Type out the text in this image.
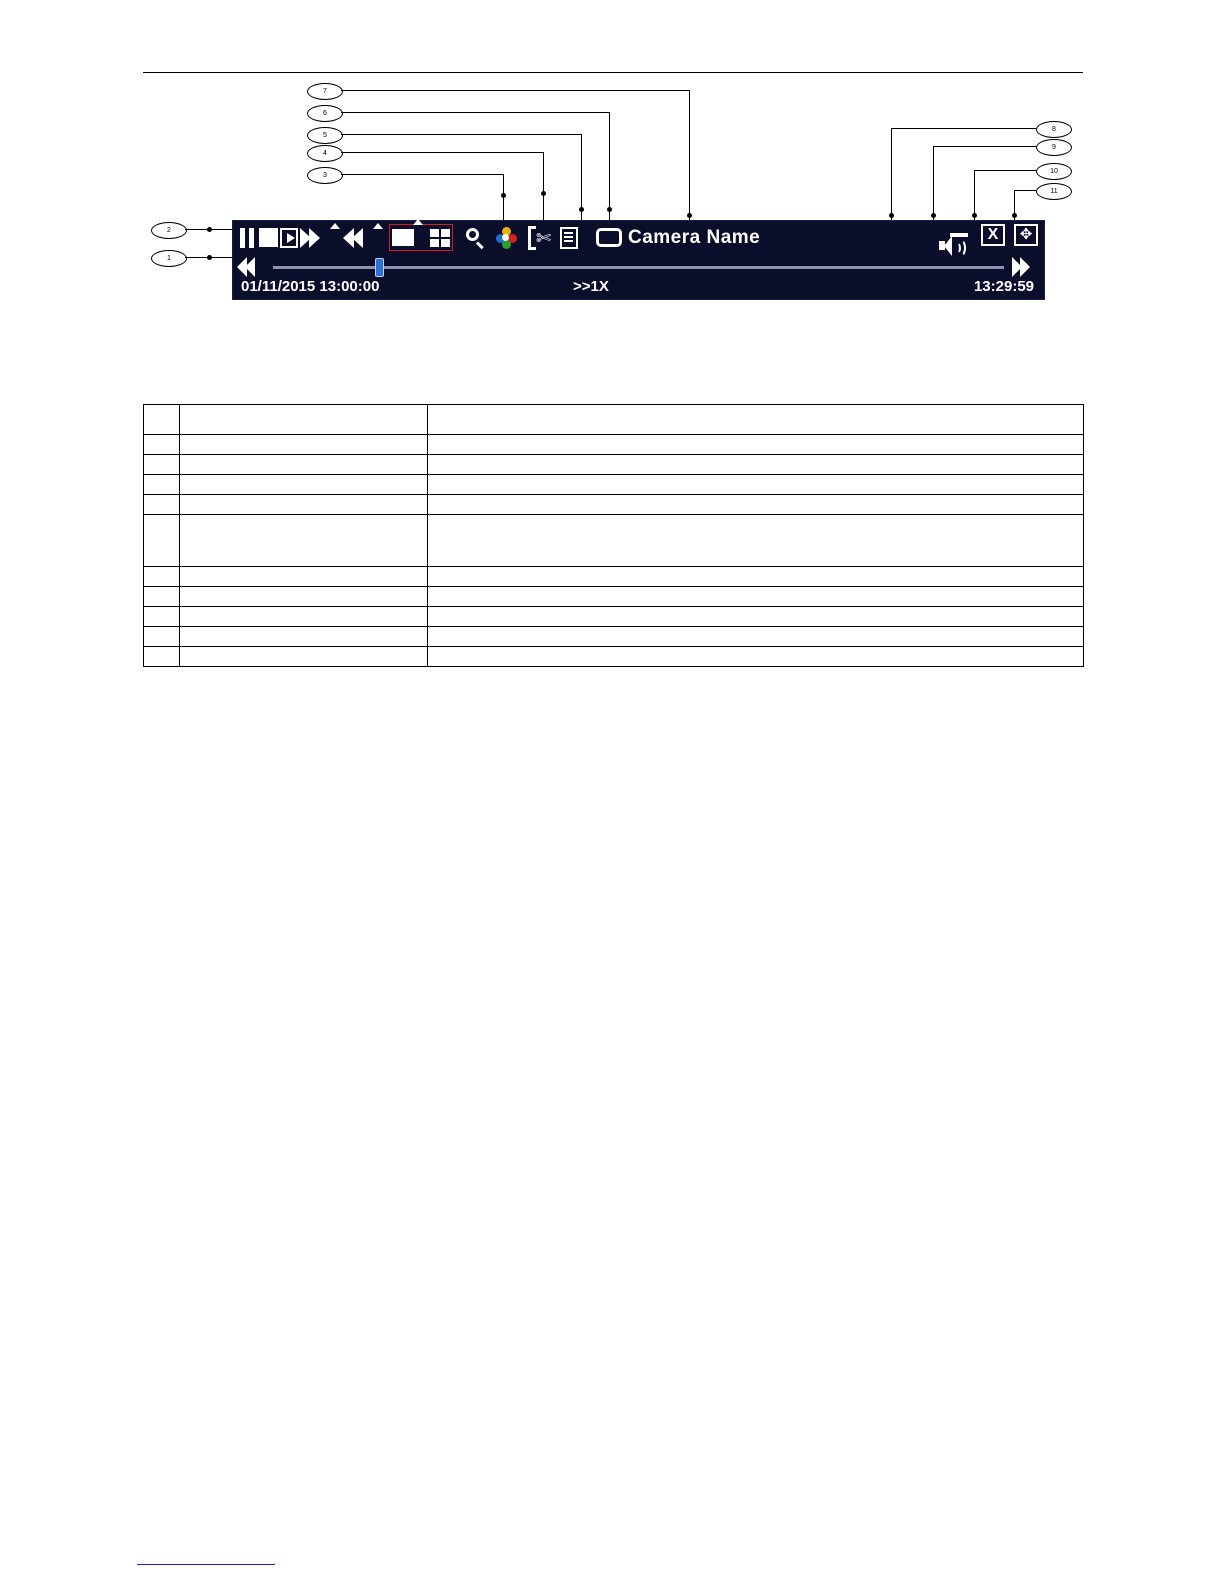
2
1
7
6
5
4
3
8
9
10
11
✄	Camera Name	X	✥
01/11/2015 13:00:00	>>1X	13:29:59
